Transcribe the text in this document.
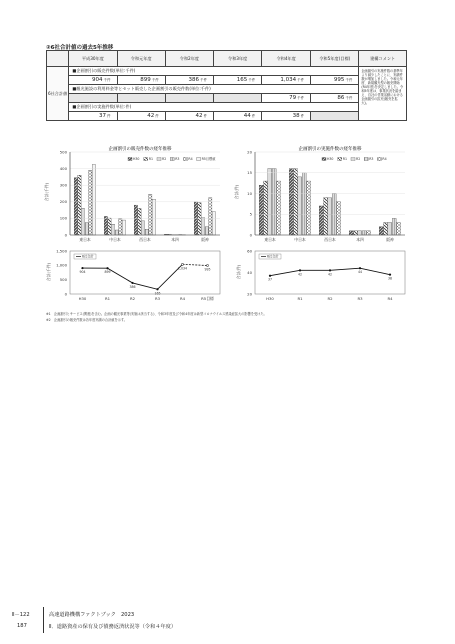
②6社合計値の過去5年推移
	平成30年度	令和元年度	令和2年度	令和3年度	令和4年度	令和5年度(目標)	建構コメント
6社合計値	■企画割引の販売件数(単位:千件)						企画割引の実施件数の基準年より減少したことに、実績件数が増加しました。令和元年度、新規観光型の販売開始(R4年度)を決定しました。令和5年度は、事業状況を踏まえ、自社の営業活動における企画割引の拡充(販売を拡大)。
	904千件	899千件	386千件	165千件	1,034千件	995千件	
	■観光施設の利用料金等とセット販売した企画割引の販売件数(単位:千件)						
					79千件	86千件	
	■企画割引の実施件数(単位:件)						
	37件	42件	42件	44件	38件		
企画割引の販売件数の経年推移
合計(千件)
H30	R1	R2	R3	R4	R5目標値
0
100
200
300
400
500
東日本	中日本	西日本	本四	阪神
企画割引の実施件数の経年推移
合計(件)
H30	R1	R2	R3	R4
0
5
10
15
20
東日本	中日本	西日本	本四	阪神
合計(千件)
0
500
1,000
1,500
H30	R1	R2	R3	R4	R5目標
904	899
386
165
1,034	995
6社合計
合計(件)
20
40
60
H30	R1	R2	R3	R4
37
42	42
44
38
6社合計
※1　企画割引とサービス(関連)を含む。企画の観光事業等(実施は該当する)、令和3年度及び令和4年度は新型コロナウイルス感染症拡大の影響を受けた。
※2　企画割引の販売件数は各年度実績の合計値を示す。
Ⅱ－122
187
高速道路機構ファクトブック　2023
Ⅱ．道路資産の保有及び債務返済状況等（令和４年度）
